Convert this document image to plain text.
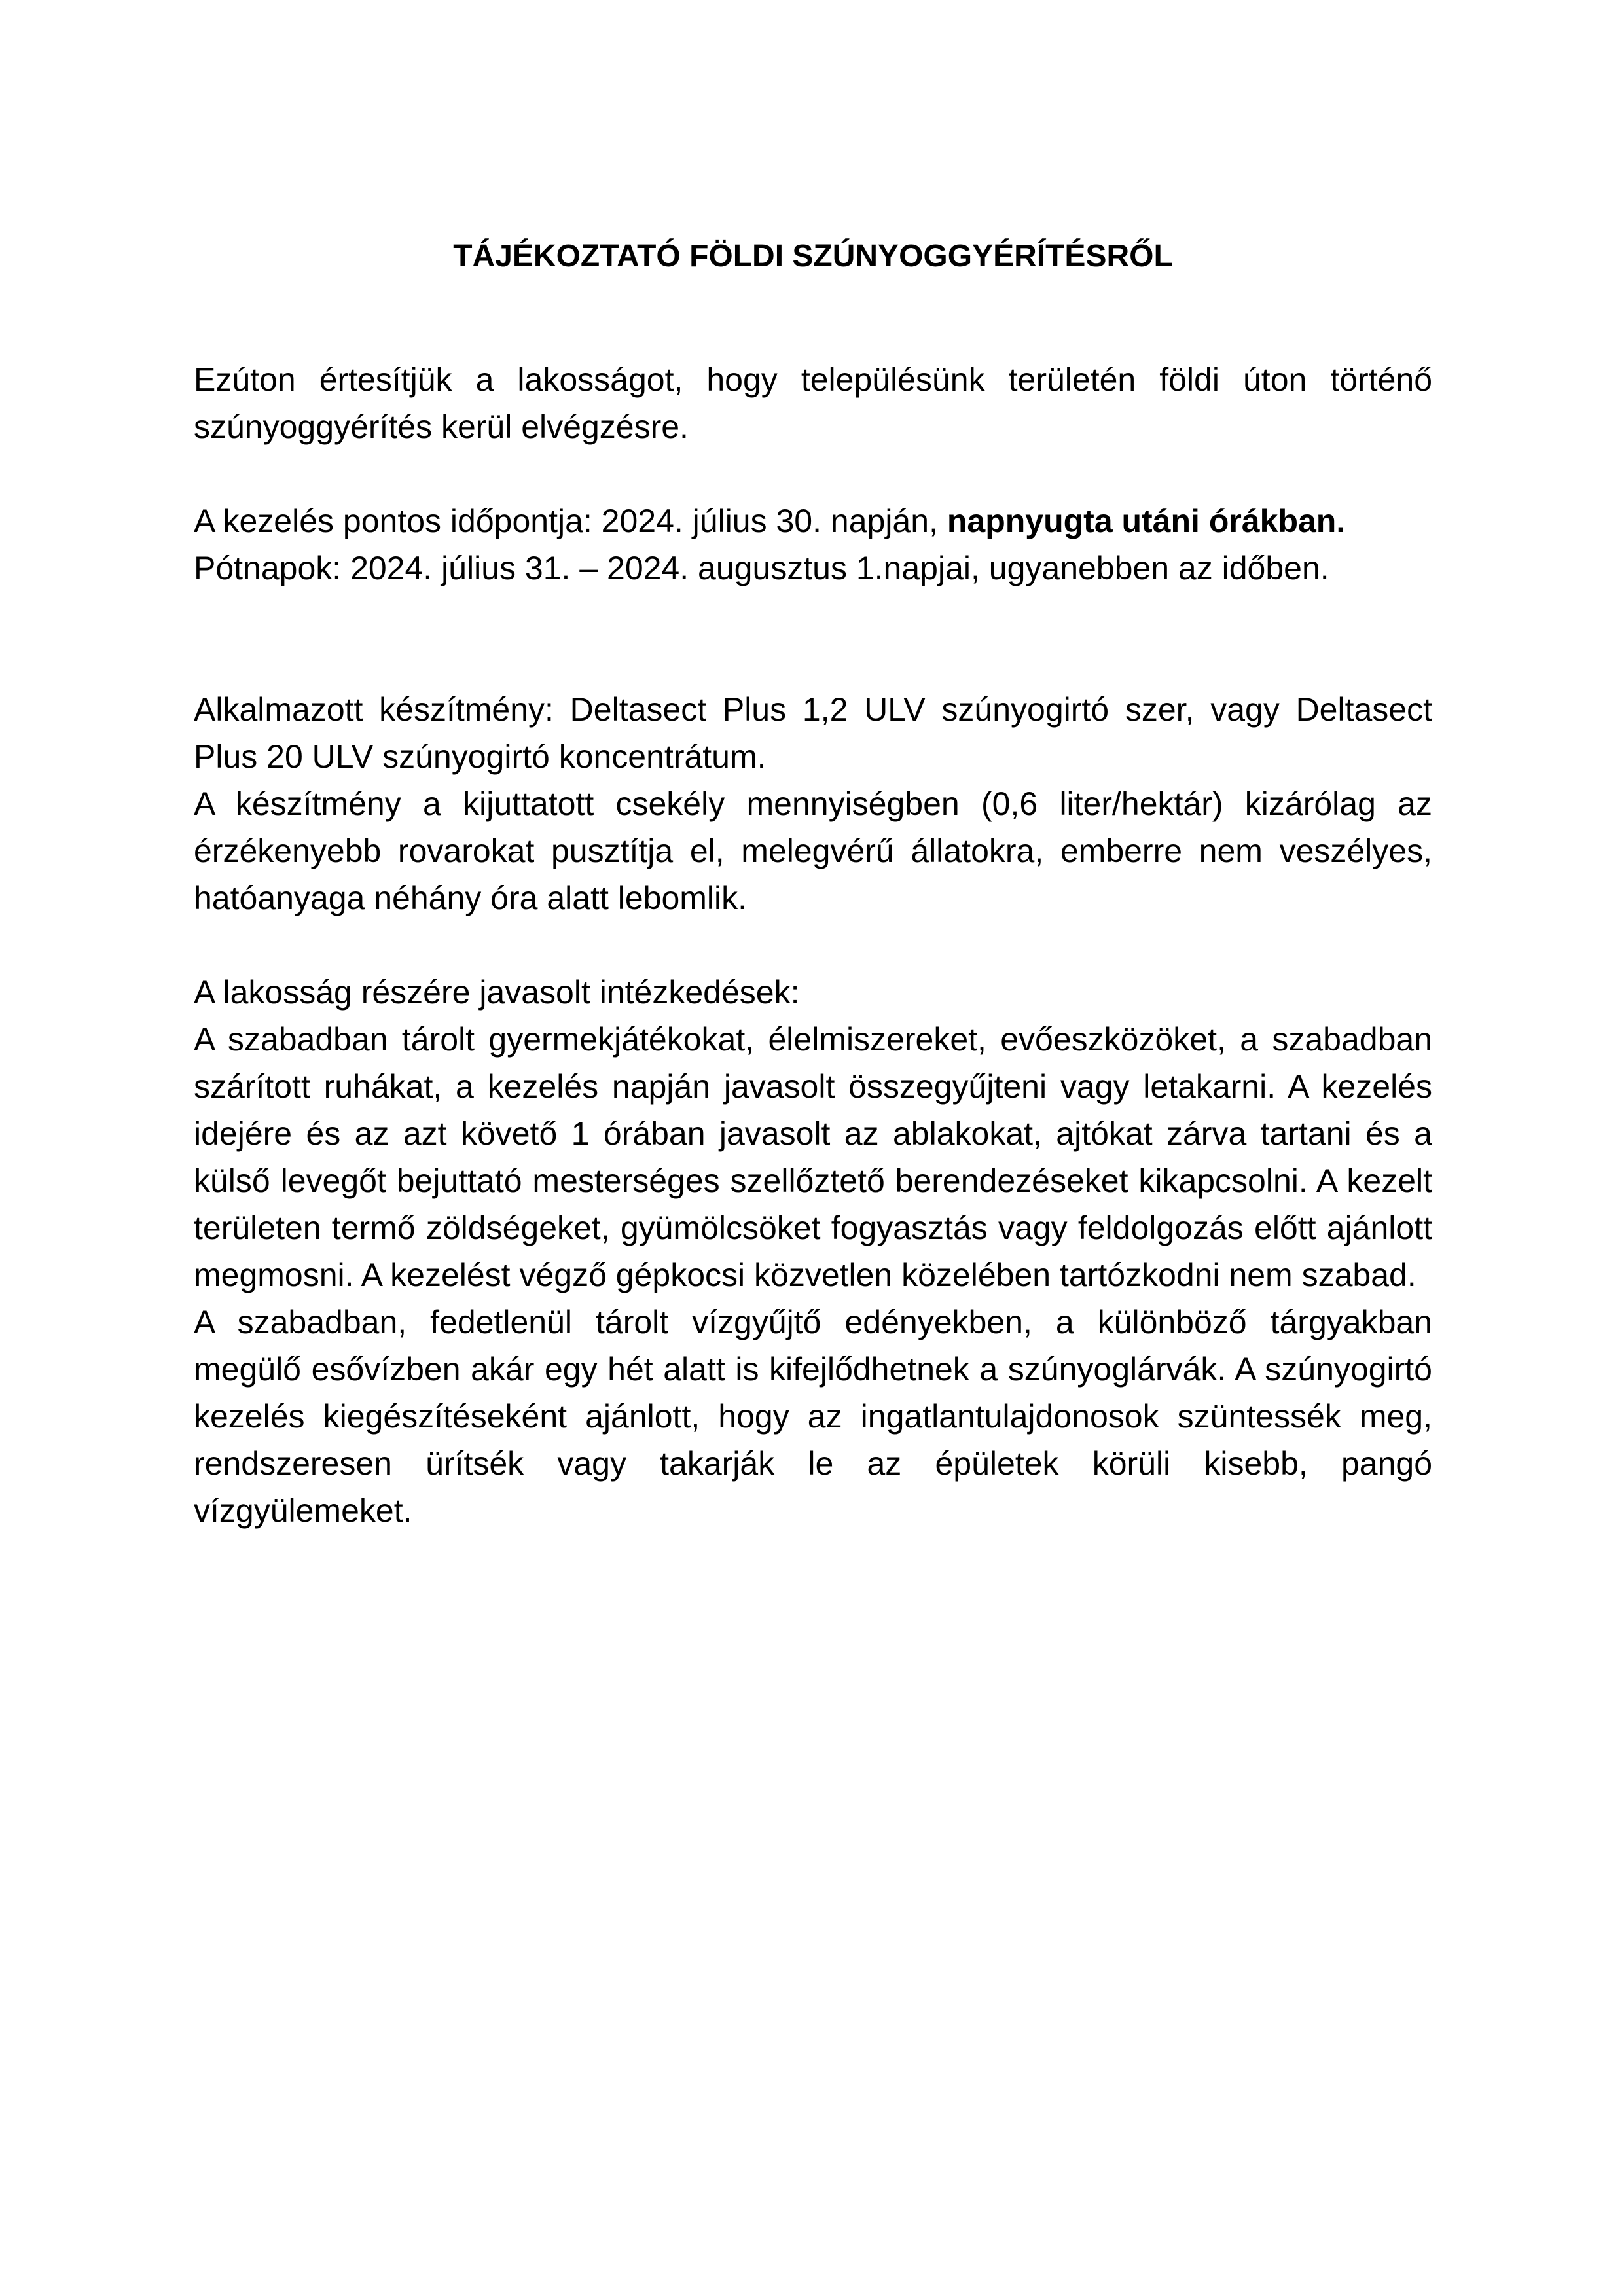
TÁJÉKOZTATÓ FÖLDI SZÚNYOGGYÉRÍTÉSRŐL

Ezúton értesítjük a lakosságot, hogy településünk területén földi úton történő szúnyoggyérítés kerül elvégzésre.

A kezelés pontos időpontja: 2024. július 30. napján, napnyugta utáni órákban.

Pótnapok: 2024. július 31. – 2024. augusztus 1.napjai, ugyanebben az időben.

Alkalmazott készítmény: Deltasect Plus 1,2 ULV szúnyogirtó szer, vagy Deltasect Plus 20 ULV szúnyogirtó koncentrátum.

A készítmény a kijuttatott csekély mennyiségben (0,6 liter/hektár) kizárólag az érzékenyebb rovarokat pusztítja el, melegvérű állatokra, emberre nem veszélyes, hatóanyaga néhány óra alatt lebomlik.

A lakosság részére javasolt intézkedések:

A szabadban tárolt gyermekjátékokat, élelmiszereket, evőeszközöket, a szabadban szárított ruhákat, a kezelés napján javasolt összegyűjteni vagy letakarni. A kezelés idejére és az azt követő 1 órában javasolt az ablakokat, ajtókat zárva tartani és a külső levegőt bejuttató mesterséges szellőztető berendezéseket kikapcsolni. A kezelt területen termő zöldségeket, gyümölcsöket fogyasztás vagy feldolgozás előtt ajánlott megmosni. A kezelést végző gépkocsi közvetlen közelében tartózkodni nem szabad.

A szabadban, fedetlenül tárolt vízgyűjtő edényekben, a különböző tárgyakban megülő esővízben akár egy hét alatt is kifejlődhetnek a szúnyoglárvák. A szúnyogirtó kezelés kiegészítéseként ajánlott, hogy az ingatlantulajdonosok szüntessék meg, rendszeresen ürítsék vagy takarják le az épületek körüli kisebb, pangó vízgyülemeket.
